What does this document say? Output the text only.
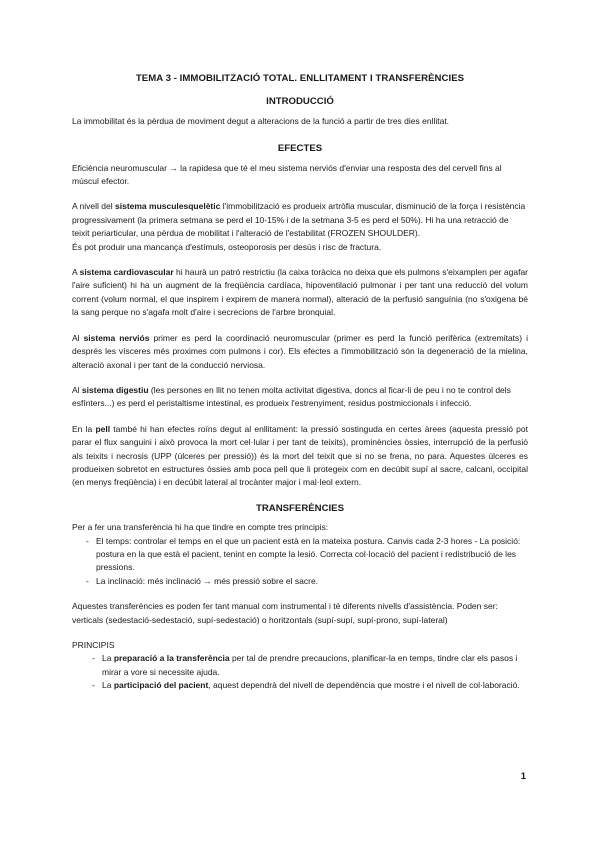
TEMA 3 - IMMOBILITZACIÓ TOTAL. ENLLITAMENT I TRANSFERÈNCIES
INTRODUCCIÓ

La immobilitat és la pèrdua de moviment degut a alteracions de la funció a partir de tres dies enllitat.

EFECTES

Eficiència neuromuscular → la rapidesa que té el meu sistema nerviós d'enviar una resposta des del cervell fins al múscul efector.

A nivell del sistema musculesquelètic l'immobilització es produeix artròfia muscular, disminució de la força i resistència progressivament (la primera setmana se perd el 10-15% i de la setmana 3-5 es perd el 50%). Hi ha una retracció de teixit periarticular, una pèrdua de mobilitat i l'alteració de l'estabilitat (FROZEN SHOULDER).

És pot produir una mancança d'estímuls, osteoporosis per desús i risc de fractura.

A sistema cardiovascular hi haurà un patró restrictiu (la caixa toràcica no deixa que els pulmons s'eixamplen per agafar l'aire suficient) hi ha un augment de la freqüència cardíaca, hipoventilació pulmonar i per tant una reducció del volum corrent (volum normal, el que inspirem i expirem de manera normal), alteració de la perfusió sanguínia (no s'oxigena bé la sang perque no s'agafa molt d'aire i secrecions de l'arbre bronquial.

Al sistema nerviós primer es perd la coordinació neuromuscular (primer es perd la funció perifèrica (extremitats) i després les vísceres més proximes com pulmons i cor). Els efectes a l'immobilització són la degeneració de la mielina, alteració axonal i per tant de la conducció nerviosa.

Al sistema digestiu (les persones en llit no tenen molta activitat digestiva, doncs al ficar-li de peu i no te control dels esfínters...) es perd el peristaltisme intestinal, es produeix l'estrenyiment, residus postmiccionals i infecció.

En la pell també hi han efectes roïns degut al enllitament: la pressió sostinguda en certes àrees (aquesta pressió pot parar el flux sanguini i això provoca la mort cel·lular i per tant de teixits), prominències òssies, interrupció de la perfusió als teixits i necrosis (UPP (úlceres per pressió)) és la mort del teixit que si no se frena, no para. Aquestes úlceres es produeixen sobretot en estructures òssies amb poca pell que li protegeix com en decúbit supí al sacre, calcani, occipital (en menys freqüència) i en decúbit lateral al trocànter major i mal·leol extern.

TRANSFERÈNCIES

Per a fer una transferència hi ha que tindre en compte tres principis:

- El temps: controlar el temps en el que un pacient està en la mateixa postura. Canvis cada 2-3 hores - La posició: postura en la que està el pacient, tenint en compte la lesió. Correcta col·locació del pacient i redistribució de les pressions.
- La inclinació: més inclinació → més pressió sobre el sacre.

Aquestes transferències es poden fer tant manual com instrumental i té diferents nivells d'assistència. Poden ser: verticals (sedestació-sedestació, supí-sedestació) o horitzontals (supí-supí, supí-prono, supí-lateral)

PRINCIPIS

- La preparació a la transferència per tal de prendre precaucions, planificar-la en temps, tindre clar els pasos i mirar a vore si necessite ajuda.
- La participació del pacient, aquest dependrà del nivell de dependència que mostre i el nivell de col·laboració.
1
